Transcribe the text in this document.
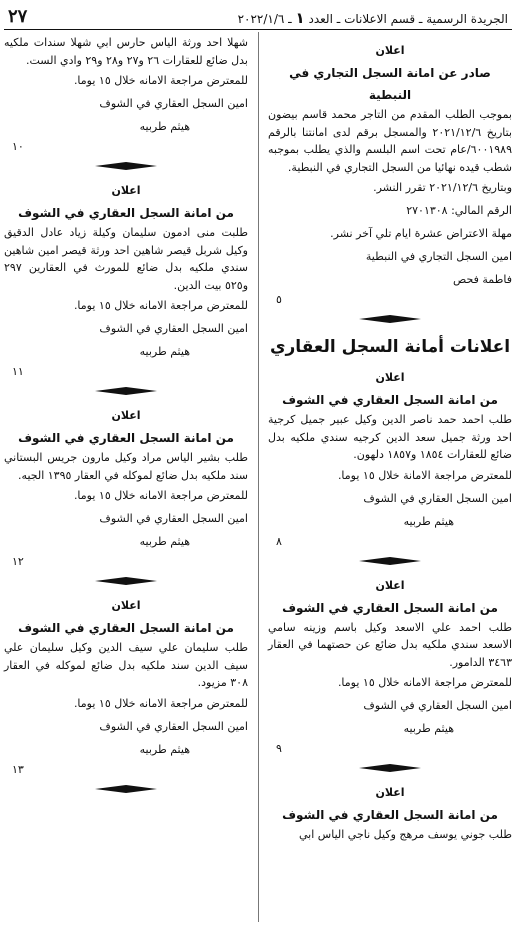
الجريدة الرسمية ـ قسم الاعلانات ـ العدد ١ ـ ٢٠٢٢/١/٦
٢٧
اعلان
صادر عن امانة السجل التجاري في النبطية

بموجب الطلب المقدم من التاجر محمد قاسم بيضون بتاريخ ٢٠٢١/١٢/٦ والمسجل برقم لدى امانتنا بالرقم ٦٠٠١٩٨٩/عام تحت اسم البلسم والذي يطلب بموجبه شطب قيده نهائيا من السجل التجاري في النبطية.

وبتاريخ ٢٠٢١/١٢/٦ تقرر النشر.

الرقم المالي: ٢٧٠١٣٠٨

مهلة الاعتراض عشرة ايام تلي آخر نشر.

امين السجل التجاري في النبطية

فاطمة فحص

٥
اعلانات أمانة السجل العقاري
اعلان
من امانة السجل العقاري في الشوف

طلب احمد حمد ناصر الدين وكيل عبير جميل كرجية احد ورثة جميل سعد الدين كرجيه سندي ملكيه بدل ضائع للعقارات ١٨٥٤ و١٨٥٧ دلهون.

للمعترض مراجعة الامانة خلال ١٥ يوما.

امين السجل العقاري في الشوف

هيثم طربيه

٨
اعلان
من امانة السجل العقاري في الشوف

طلب احمد علي الاسعد وكيل باسم وزينه سامي الاسعد سندي ملكيه بدل ضائع عن حصتهما في العقار ٣٤٦٣ الدامور.

للمعترض مراجعة الامانه خلال ١٥ يوما.

امين السجل العقاري في الشوف

هيثم طربيه

٩
اعلان
من امانة السجل العقاري في الشوف

طلب جوني يوسف مرهج وكيل ناجي الياس ابي

شهلا احد ورثة الياس حارس ابي شهلا سندات ملكيه بدل ضائع للعقارات ٢٦ و٢٧ و٢٨ و٢٩ وادي الست.

للمعترض مراجعة الامانه خلال ١٥ يوما.

امين السجل العقاري في الشوف

هيثم طربيه

١٠
اعلان
من امانة السجل العقاري في الشوف

طلبت منى ادمون سليمان وكيلة زياد عادل الدقيق وكيل شربل قيصر شاهين احد ورثة قيصر امين شاهين سندي ملكيه بدل ضائع للمورث في العقارين ٢٩٧ و٥٢٥ بيت الدين.

للمعترض مراجعة الامانه خلال ١٥ يوما.

امين السجل العقاري في الشوف

هيثم طربيه

١١
اعلان
من امانة السجل العقاري في الشوف

طلب بشير الياس مراد وكيل مارون جريس البستاني سند ملكيه بدل ضائع لموكله في العقار ١٣٩٥ الجيه.

للمعترض مراجعة الامانه خلال ١٥ يوما.

امين السجل العقاري في الشوف

هيثم طربيه

١٢
اعلان
من امانة السجل العقاري في الشوف

طلب سليمان علي سيف الدين وكيل سليمان علي سيف الدين سند ملكيه بدل ضائع لموكله في العقار ٣٠٨ مزيود.

للمعترض مراجعة الامانه خلال ١٥ يوما.

امين السجل العقاري في الشوف

هيثم طربيه

١٣
